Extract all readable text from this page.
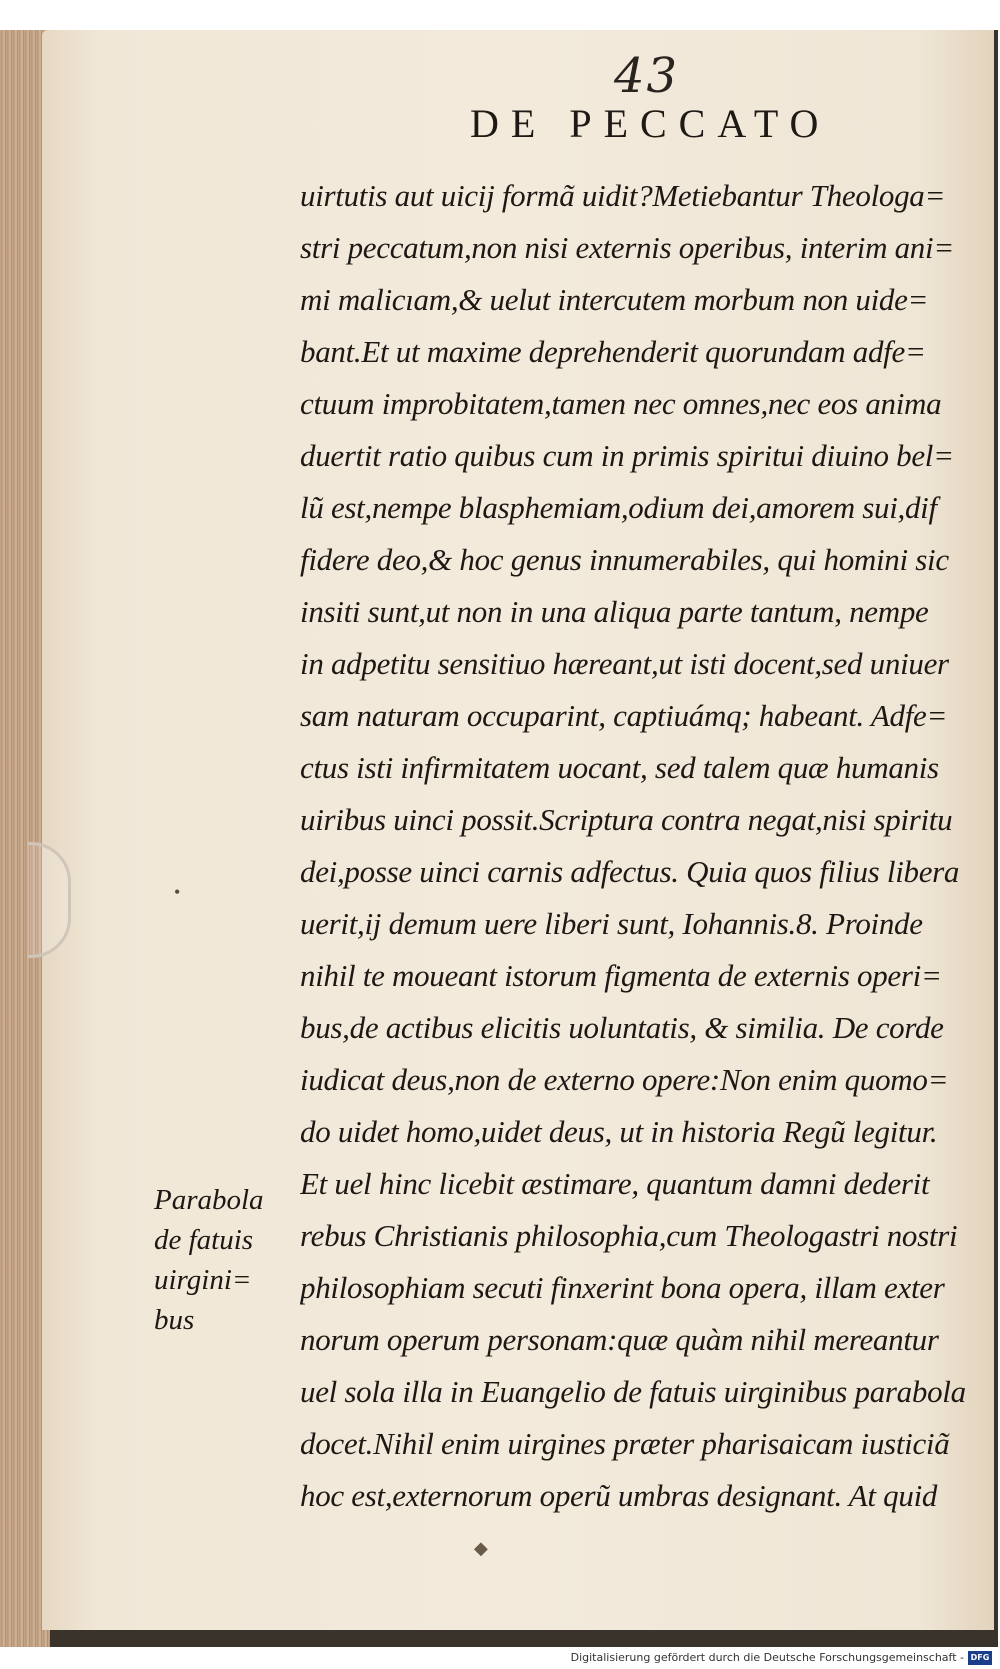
43
DE PECCATO
uirtutis aut uicij formã uidit?Metiebantur Theologa=
stri peccatum,non nisi externis operibus, interim ani=
mi malicıam,& uelut intercutem morbum non uide=
bant.Et ut maxime deprehenderit quorundam adfe=
ctuum improbitatem,tamen nec omnes,nec eos anima
duertit ratio quibus cum in primis spiritui diuino bel=
lũ est,nempe blasphemiam,odium dei,amorem sui,dif
fidere deo,& hoc genus innumerabiles, qui homini sic
insiti sunt,ut non in una aliqua parte tantum, nempe
in adpetitu sensitiuo hæreant,ut isti docent,sed uniuer
sam naturam occuparint, captiuámq; habeant. Adfe=
ctus isti infirmitatem uocant, sed talem quæ humanis
uiribus uinci possit.Scriptura contra negat,nisi spiritu
dei,posse uinci carnis adfectus. Quia quos filius libera
uerit,ij demum uere liberi sunt, Iohannis.8. Proinde
nihil te moueant istorum figmenta de externis operi=
bus,de actibus elicitis uoluntatis, & similia. De corde
iudicat deus,non de externo opere:Non enim quomo=
do uidet homo,uidet deus, ut in historia Regũ legitur.
Et uel hinc licebit æstimare, quantum damni dederit
rebus Christianis philosophia,cum Theologastri nostri
philosophiam secuti finxerint bona opera, illam exter
norum operum personam:quæ quàm nihil mereantur
uel sola illa in Euangelio de fatuis uirginibus parabola
docet.Nihil enim uirgines præter pharisaicam iusticiã
hoc est,externorum operũ umbras designant. At quid
Parabola
de fatuis
uirgini=
bus
•
◆
Digitalisierung gefördert durch die Deutsche Forschungsgemeinschaft - DFG
